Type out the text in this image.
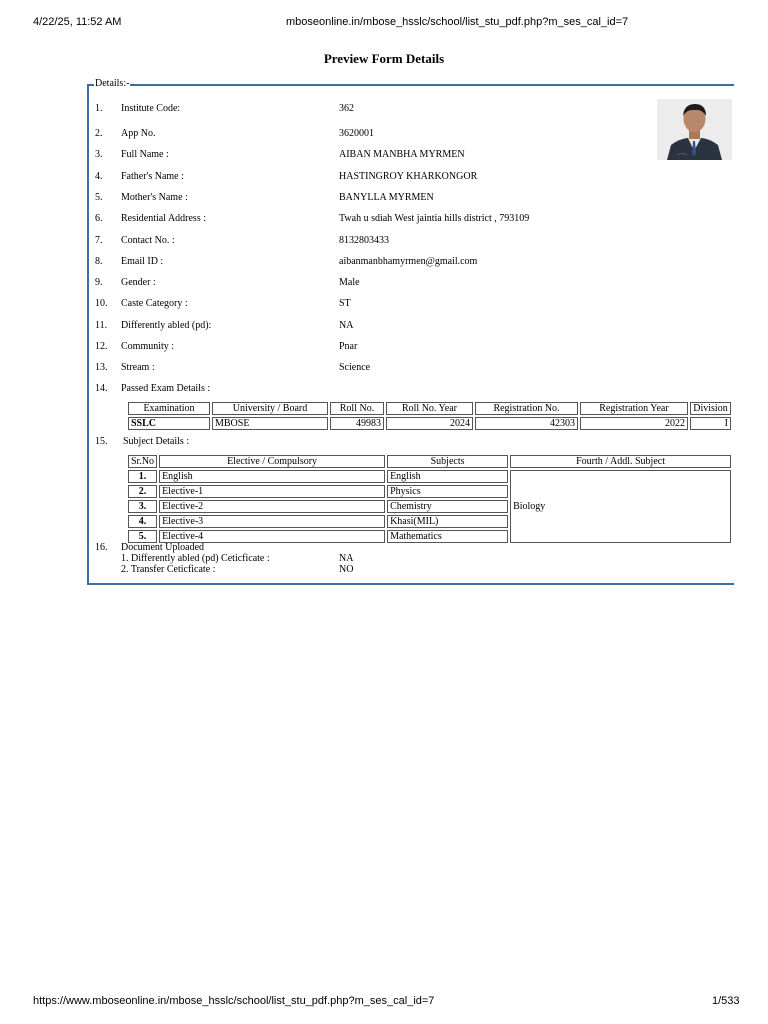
4/22/25, 11:52 AM	mboseonline.in/mbose_hsslc/school/list_stu_pdf.php?m_ses_cal_id=7
Preview Form Details
Details:-
1. Institute Code:	362
2. App No.	3620001
3. Full Name :	AIBAN MANBHA MYRMEN
4. Father's Name :	HASTINGROY KHARKONGOR
5. Mother's Name :	BANYLLA MYRMEN
6. Residential Address :	Twah u sdiah West jaintia hills district , 793109
7. Contact No. :	8132803433
8. Email ID :	aibanmanbhamyrmen@gmail.com
9. Gender :	Male
10. Caste Category :	ST
11. Differently abled (pd):	NA
12. Community :	Pnar
13. Stream :	Science
14. Passed Exam Details :
Examination	University / Board	Roll No.	Roll No. Year	Registration No.	Registration Year	Division
SSLC	MBOSE	49983	2024	42303	2022	I
15. Subject Details :
Sr.No	Elective / Compulsory	Subjects	Fourth / Addl. Subject
1.	English	English	Biology
2.	Elective-1	Physics	
3.	Elective-2	Chemistry	
4.	Elective-3	Khasi(MIL)	
5.	Elective-4	Mathematics	
16. Document Uploaded
1. Differently abled (pd) Ceticficate :	NA
2. Transfer Ceticficate :	NO
https://www.mboseonline.in/mbose_hsslc/school/list_stu_pdf.php?m_ses_cal_id=7	1/533
